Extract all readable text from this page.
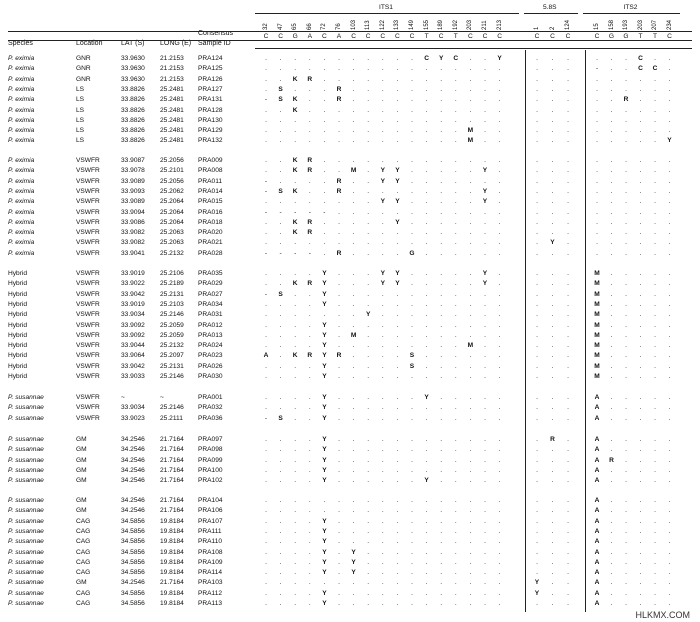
Consensus
Species	Location	LAT (S) LONG (E) Sample ID
ITS1	5.8S	ITS2
32 47 65 66 72 76 103 113 122 133 149 155 189 192 203 211 213	1 2 124	15 158 193 203 207 234
C	C	G	A	C	A	C	C	C	C	C	T	C	T	C	C	C	C	C	C	C	G	G	T	T	C
P. eximia	GNR	33.9630 21.2153 PRA124	.	.	.	.	.	.	.	.	.	.	.	C	Y	C	.	.	Y	.	.	.	.	.	.	C	.	.
P. eximia	GNR	33.9630 21.2153 PRA125	.	.	.	.	.	.	.	.	.	.	.	.	.	.	.	.	.	.	.	.	-	.	.	C	C	.
P. eximia	GNR	33.9630 21.2153 PRA126	.	.	K	R	.	.	.	.	.	.	.	.	.	.	.	.	.	.	.	.	.	.	.	.	.	.
P. eximia	LS	33.8826 25.2481 PRA127	.	S	.	.	.	R	.	.	.	.	.	.	.	.	.	.	.	.	.	.	.	.	.	.	.	.
P. eximia	LS	33.8826 25.2481 PRA131	-	S	K	.	.	R	.	.	.	.	.	.	.	.	.	.	.	.	.	.	.	.	R	.	.	.
P. eximia	LS	33.8826 25.2481 PRA128	.	.	K	.	.	.	.	.	.	.	.	.	.	.	.	.	.	.	.	.	.	.	.	.	.	.
P. eximia	LS	33.8826 25.2481 PRA130	.	.	.	.	.	.	.	.	.	.	.	.	.	.	.	.	.	.	.	.	.	.	.	.	.	.
P. eximia	LS	33.8826 25.2481 PRA129	.	.	.	.	.	.	.	.	.	.	.	.	.	.	M	.	.	.	.	.	.	.	.	.	.	.
P. eximia	LS	33.8826 25.2481 PRA132	.	.	.	.	.	.	.	.	.	.	.	.	.	.	M	.	.	.	.	.	.	.	.	.	.	Y
P. eximia	VSWFR	33.9087 25.2056 PRA009	.	.	K	R	.	.	.	.	.	.	.	.	.	.	.	.	.	.	.	.	.	.	.	.	.	.
P. eximia	VSWFR	33.9078 25.2101 PRA008	.	.	K	R	.	.	M	.	Y	Y	.	.	.	.	.	Y	.	.	.	.	.	.	.	.	.	.
P. eximia	VSWFR	33.9089 25.2056 PRA011	-	.	.	.	.	R	.	.	Y	Y	.	.	.	.	.	.	.	.	.	.	.	.	.	.	.	.
P. eximia	VSWFR	33.9093 25.2062 PRA014	-	S	K	.	.	R	.	.	.	.	.	.	.	.	.	Y	.	.	.	.	.	.	.	.	.	.
P. eximia	VSWFR	33.9089 25.2064 PRA015	.	.	.	.	.	.	.	.	Y	Y	.	.	.	.	.	Y	.	.	.	.	.	.	.	.	.	.
P. eximia	VSWFR	33.9094 25.2064 PRA016	-	-	-	-	-	.	.	.	.	.	.	.	.	.	.	.	.	.	.	.	.	.	.	.	.	.
P. eximia	VSWFR	33.9086 25.2064 PRA018	.	.	K	R	.	.	.	.	.	Y	.	.	.	.	.	.	.	.	.	.	.	.	.	.	.	.
P. eximia	VSWFR	33.9082 25.2063 PRA020	.	.	K	R	.	.	.	.	.	.	.	.	.	.	.	.	.	.	.	.	.	.	.	.	.	.
P. eximia	VSWFR	33.9082 25.2063 PRA021	.	.	.	.	.	.	.	.	.	.	.	.	.	.	.	.	.	.	Y	.	.	.	.	.	.	.
P. eximia	VSWFR	33.9041 25.2132 PRA028	-	-	-	-	.	R	.	.	.	.	G	.	.	.	.	.	.	.	.	.	.	.	.	.	.	.
Hybrid	VSWFR	33.9019 25.2106 PRA035	.	.	.	.	Y	.	.	.	Y	Y	.	.	.	.	.	Y	.	.	.	.	M	.	.	.	.	.
Hybrid	VSWFR	33.9022 25.2189 PRA029	.	.	K	R	Y	.	.	.	Y	Y	.	.	.	.	.	Y	.	.	.	.	M	.	.	.	.	.
Hybrid	VSWFR	33.9042 25.2131 PRA027	-	S	.	.	Y	.	.	.	.	.	.	.	.	.	.	.	.	.	.	.	M	.	.	.	.	.
Hybrid	VSWFR	33.9019 25.2103 PRA034	.	.	.	.	Y	.	.	.	.	.	.	.	.	.	.	.	.	.	.	.	M	.	.	.	.	.
Hybrid	VSWFR	33.9034 25.2146 PRA031	.	.	.	.	.	.	.	Y	.	.	.	.	.	.	.	.	.	.	.	.	M	.	.	.	.	.
Hybrid	VSWFR	33.9092 25.2059 PRA012	.	.	.	.	Y	.	.	.	.	.	.	.	.	.	.	.	.	.	.	.	M	.	.	.	.	.
Hybrid	VSWFR	33.9092 25.2059 PRA013	.	.	.	.	Y	.	M	.	.	.	.	.	.	.	.	.	.	.	.	.	M	.	.	.	.	.
Hybrid	VSWFR	33.9044 25.2132 PRA024	.	.	.	.	Y	.	.	.	.	.	.	.	.	.	M	.	.	.	.	.	M	.	.	.	.	.
Hybrid	VSWFR	33.9064 25.2097 PRA023	A	.	K	R	Y	R	.	.	.	.	S	.	.	.	.	.	.	.	.	.	M	.	.	.	.	.
Hybrid	VSWFR	33.9042 25.2131 PRA026	.	.	.	.	Y	.	.	.	.	.	S	.	.	.	.	.	.	.	.	.	M	.	.	.	.	.
Hybrid	VSWFR	33.9033 25.2146 PRA030	.	.	.	.	Y	.	.	.	.	.	.	.	.	.	.	.	.	.	.	.	M	.	.	.	.	.
P. susannae	VSWFR	~	~	PRA001	.	.	.	.	Y	.	.	.	.	.	.	Y	.	.	.	.	.	.	.	.	A	.	.	.	.	.
P. susannae	VSWFR	33.9034 25.2146 PRA032	.	.	.	.	Y	.	.	.	.	.	.	.	.	.	.	.	.	.	.	.	A	.	.	.	.	.
P. susannae	VSWFR	33.9023 25.2111 PRA036	-	S	.	.	Y	.	.	.	.	.	.	.	.	.	.	.	.	.	.	.	A	.	.	.	.	.
P. susannae	GM	34.2546 21.7164 PRA097	.	.	.	.	Y	.	.	.	.	.	.	.	.	.	.	.	.	.	R	.	A	.	.	.	.	.
P. susannae	GM	34.2546 21.7164 PRA098	.	.	.	.	Y	.	.	.	.	.	.	.	.	.	.	.	.	.	.	.	A	.	.	.	.	.
P. susannae	GM	34.2546 21.7164 PRA099	.	.	.	.	Y	.	.	.	.	.	.	.	.	.	.	.	.	.	.	.	A	R	.	.	.	.
P. susannae	GM	34.2546 21.7164 PRA100	.	.	.	.	Y	.	.	.	.	.	.	.	.	.	.	.	.	.	.	.	A	.	.	.	.	.
P. susannae	GM	34.2546 21.7164 PRA102	.	.	.	.	Y	.	.	.	.	.	.	Y	.	.	.	.	.	.	.	.	A	.	.	.	.	.
P. susannae	GM	34.2546 21.7164 PRA104	.	.	.	.	.	.	.	.	.	.	.	.	.	.	.	.	.	.	.	.	A	.	.	.	.	.
P. susannae	GM	34.2546 21.7164 PRA106	.	.	.	.	.	.	.	.	.	.	.	.	.	.	.	.	.	.	.	.	A	.	.	.	.	.
P. susannae	CAG	34.5856 19.8184 PRA107	.	.	.	.	Y	.	.	.	.	.	.	.	.	.	.	.	.	.	.	.	A	.	.	.	.	.
P. susannae	CAG	34.5856 19.8184 PRA111	.	.	.	.	Y	.	.	.	.	.	.	.	.	.	.	.	.	.	.	.	A	.	.	.	.	.
P. susannae	CAG	34.5856 19.8184 PRA110	.	.	.	.	Y	.	.	.	.	.	.	.	.	.	.	.	.	.	.	.	A	.	.	.	.	.
P. susannae	CAG	34.5856 19.8184 PRA108	.	.	.	.	Y	.	Y	.	.	.	.	.	.	.	.	.	.	.	.	.	A	.	.	.	.	.
P. susannae	CAG	34.5856 19.8184 PRA109	.	.	.	.	Y	.	Y	.	.	.	.	.	.	.	.	.	.	.	.	.	A	.	.	.	.	.
P. susannae	CAG	34.5856 19.8184 PRA114	.	.	.	.	Y	.	Y	.	.	.	.	.	.	.	.	.	.	.	.	.	A	.	.	.	.	.
P. susannae	GM	34.2546 21.7164 PRA103	.	.	.	.	.	.	.	.	.	.	.	.	.	.	.	.	.	Y	.	.	A	.	.	.	.	.
P. susannae	CAG	34.5856 19.8184 PRA112	.	.	.	.	Y	.	.	.	.	.	.	.	.	.	.	.	.	Y	.	.	A	.	.	.	.	.
P. susannae	CAG	34.5856 19.8184 PRA113	.	.	.	.	Y	.	.	.	.	.	.	.	.	.	.	.	.	.	.	.	A	.	.	.	.	.
HLKMX.COM
